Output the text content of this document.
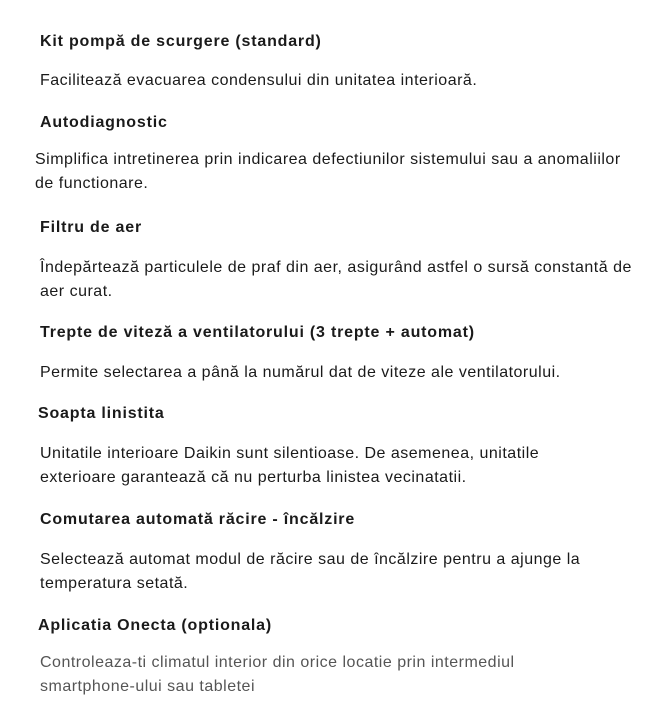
Kit pompă de scurgere (standard)

Facilitează evacuarea condensului din unitatea interioară.

Autodiagnostic

Simplifica intretinerea prin indicarea defectiunilor sistemului sau a anomaliilor de functionare.

Filtru de aer

Îndepărtează particulele de praf din aer, asigurând astfel o sursă constantă de aer curat.

Trepte de viteză a ventilatorului (3 trepte + automat)

Permite selectarea a până la numărul dat de viteze ale ventilatorului.

Soapta linistita

Unitatile interioare Daikin sunt silentioase. De asemenea, unitatile exterioare garantează că nu perturba linistea vecinatatii.

Comutarea automată răcire - încălzire

Selectează automat modul de răcire sau de încălzire pentru a ajunge la temperatura setată.

Aplicatia Onecta (optionala)

Controleaza-ti climatul interior din orice locatie prin intermediul smartphone-ului sau tabletei
